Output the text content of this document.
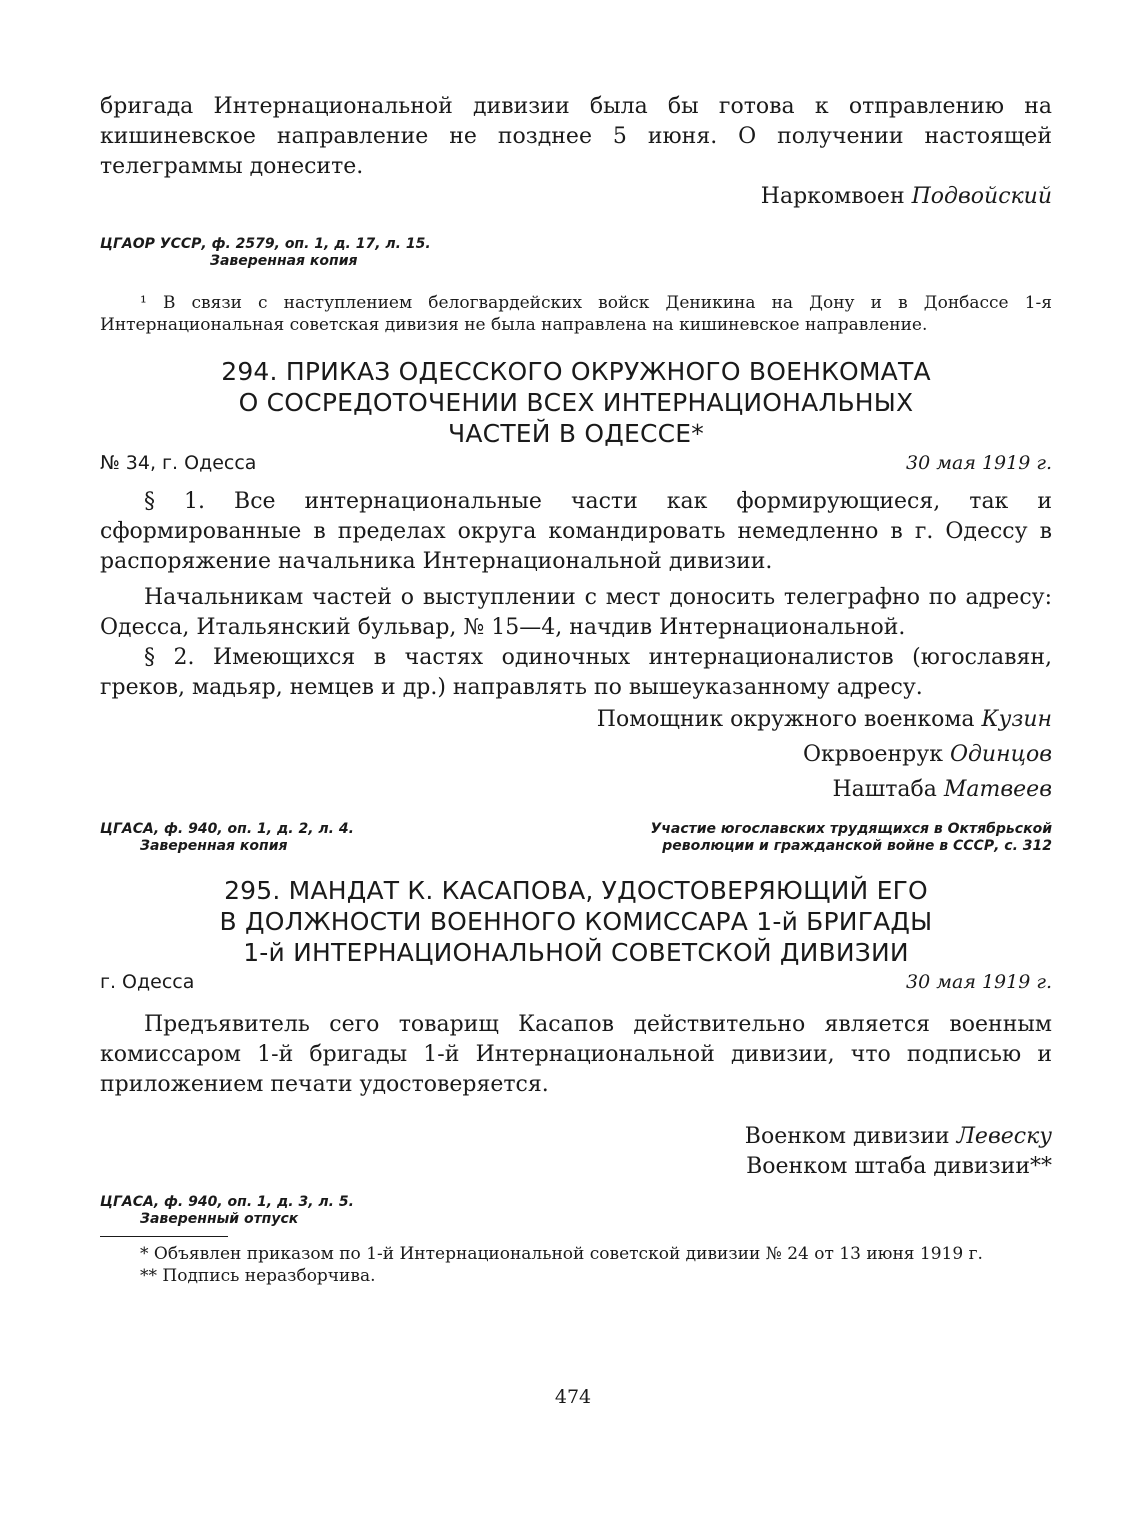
бригада Интернациональной дивизии была бы готова к отправлению на кишиневское направление не позднее 5 июня. О получении настоящей телеграммы донесите.

Наркомвоен Подвойский

ЦГАОР УССР, ф. 2579, оп. 1, д. 17, л. 15.
Заверенная копия

¹ В связи с наступлением белогвардейских войск Деникина на Дону и в Донбассе 1-я Интернациональная советская дивизия не была направлена на кишиневское направление.

294. ПРИКАЗ ОДЕССКОГО ОКРУЖНОГО ВОЕНКОМАТА
О СОСРЕДОТОЧЕНИИ ВСЕХ ИНТЕРНАЦИОНАЛЬНЫХ
ЧАСТЕЙ В ОДЕССЕ*
№ 34, г. Одесса	30 мая 1919 г.

§ 1. Все интернациональные части как формирующиеся, так и сформированные в пределах округа командировать немедленно в г. Одессу в распоряжение начальника Интернациональной дивизии.

Начальникам частей о выступлении с мест доносить телеграфно по адресу: Одесса, Итальянский бульвар, № 15—4, начдив Интернациональной.

§ 2. Имеющихся в частях одиночных интернационалистов (югославян, греков, мадьяр, немцев и др.) направлять по вышеуказанному адресу.

Помощник окружного военкома Кузин

Окрвоенрук Одинцов

Наштаба Матвеев

ЦГАСА, ф. 940, оп. 1, д. 2, л. 4.
Заверенная копия
Участие югославских трудящихся в Октябрьской революции и гражданской войне в СССР, с. 312
295. МАНДАТ К. КАСАПОВА, УДОСТОВЕРЯЮЩИЙ ЕГО
В ДОЛЖНОСТИ ВОЕННОГО КОМИССАРА 1-й БРИГАДЫ
1-й ИНТЕРНАЦИОНАЛЬНОЙ СОВЕТСКОЙ ДИВИЗИИ
г. Одесса	30 мая 1919 г.

Предъявитель сего товарищ Касапов действительно является военным комиссаром 1-й бригады 1-й Интернациональной дивизии, что подписью и приложением печати удостоверяется.

Военком дивизии Левеску

Военком штаба дивизии**

ЦГАСА, ф. 940, оп. 1, д. 3, л. 5.
Заверенный отпуск

* Объявлен приказом по 1-й Интернациональной советской дивизии № 24 от 13 июня 1919 г.

** Подпись неразборчива.

474
